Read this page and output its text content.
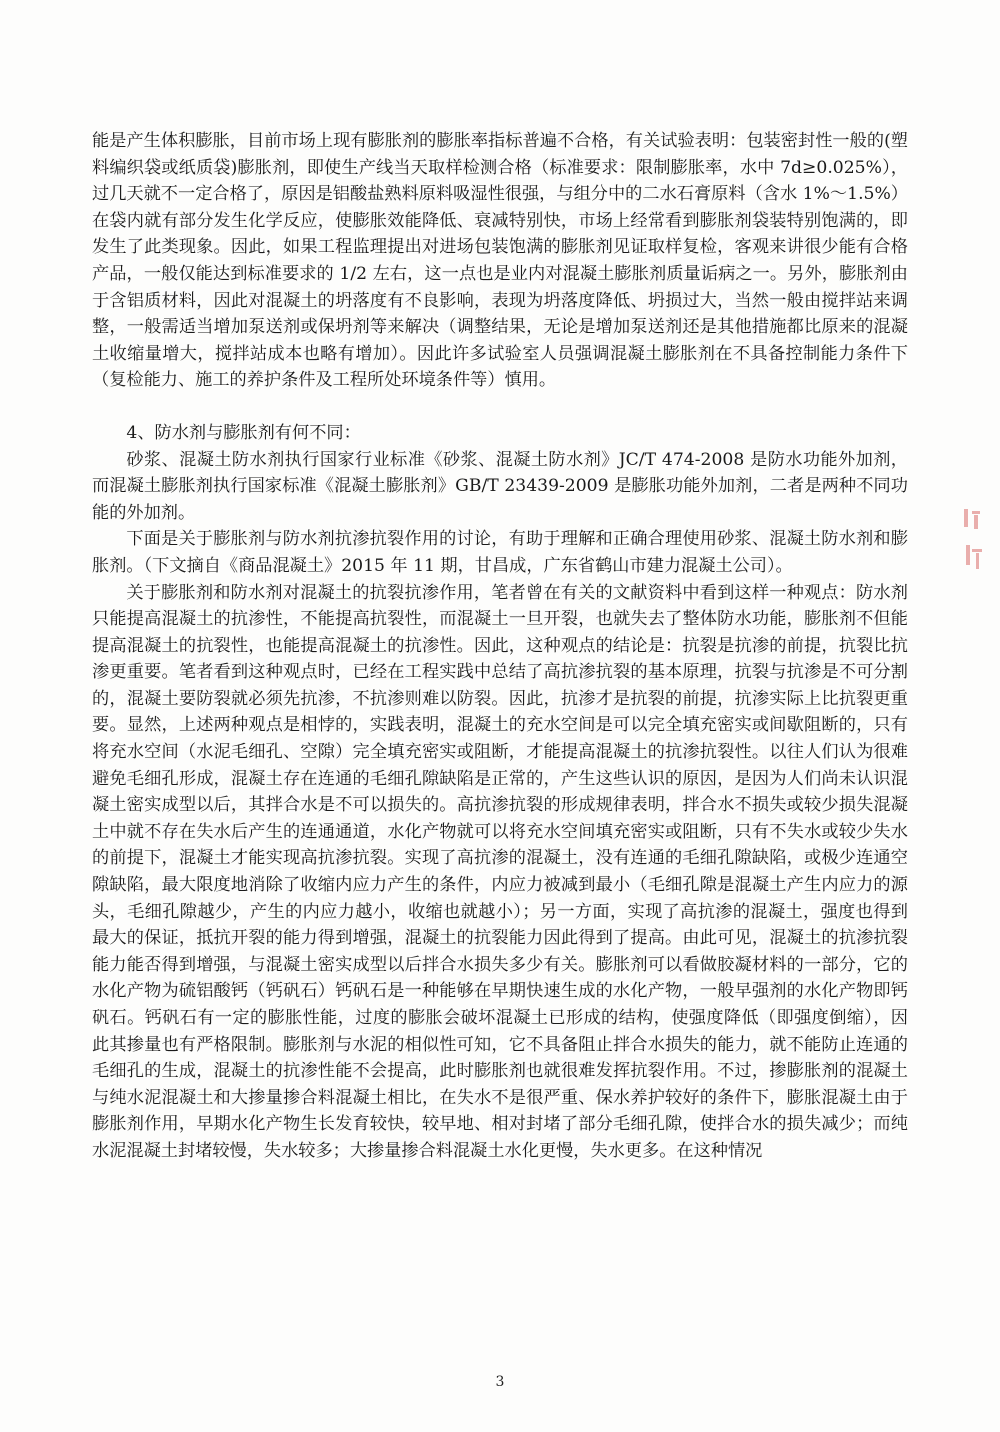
能是产生体积膨胀，目前市场上现有膨胀剂的膨胀率指标普遍不合格，有关试验表明：包装密封性一般的(塑料编织袋或纸质袋)膨胀剂，即使生产线当天取样检测合格（标准要求：限制膨胀率，水中 7d≥0.025%），过几天就不一定合格了，原因是铝酸盐熟料原料吸湿性很强，与组分中的二水石膏原料（含水 1%～1.5%）在袋内就有部分发生化学反应，使膨胀效能降低、衰减特别快，市场上经常看到膨胀剂袋装特别饱满的，即发生了此类现象。因此，如果工程监理提出对进场包装饱满的膨胀剂见证取样复检，客观来讲很少能有合格产品，一般仅能达到标准要求的 1/2 左右，这一点也是业内对混凝土膨胀剂质量诟病之一。另外，膨胀剂由于含铝质材料，因此对混凝土的坍落度有不良影响，表现为坍落度降低、坍损过大，当然一般由搅拌站来调整，一般需适当增加泵送剂或保坍剂等来解决（调整结果，无论是增加泵送剂还是其他措施都比原来的混凝土收缩量增大，搅拌站成本也略有增加）。因此许多试验室人员强调混凝土膨胀剂在不具备控制能力条件下（复检能力、施工的养护条件及工程所处环境条件等）慎用。

4、防水剂与膨胀剂有何不同：

砂浆、混凝土防水剂执行国家行业标准《砂浆、混凝土防水剂》JC/T 474-2008 是防水功能外加剂，而混凝土膨胀剂执行国家标准《混凝土膨胀剂》GB/T 23439-2009 是膨胀功能外加剂，二者是两种不同功能的外加剂。

下面是关于膨胀剂与防水剂抗渗抗裂作用的讨论，有助于理解和正确合理使用砂浆、混凝土防水剂和膨胀剂。（下文摘自《商品混凝土》2015 年 11 期，甘昌成，广东省鹤山市建力混凝土公司）。

关于膨胀剂和防水剂对混凝土的抗裂抗渗作用，笔者曾在有关的文献资料中看到这样一种观点：防水剂只能提高混凝土的抗渗性，不能提高抗裂性，而混凝土一旦开裂，也就失去了整体防水功能，膨胀剂不但能提高混凝土的抗裂性，也能提高混凝土的抗渗性。因此，这种观点的结论是：抗裂是抗渗的前提，抗裂比抗渗更重要。笔者看到这种观点时，已经在工程实践中总结了高抗渗抗裂的基本原理，抗裂与抗渗是不可分割的，混凝土要防裂就必须先抗渗，不抗渗则难以防裂。因此，抗渗才是抗裂的前提，抗渗实际上比抗裂更重要。显然，上述两种观点是相悖的，实践表明，混凝土的充水空间是可以完全填充密实或间歇阻断的，只有将充水空间（水泥毛细孔、空隙）完全填充密实或阻断，才能提高混凝土的抗渗抗裂性。以往人们认为很难避免毛细孔形成，混凝土存在连通的毛细孔隙缺陷是正常的，产生这些认识的原因，是因为人们尚未认识混凝土密实成型以后，其拌合水是不可以损失的。高抗渗抗裂的形成规律表明，拌合水不损失或较少损失混凝土中就不存在失水后产生的连通通道，水化产物就可以将充水空间填充密实或阻断，只有不失水或较少失水的前提下，混凝土才能实现高抗渗抗裂。实现了高抗渗的混凝土，没有连通的毛细孔隙缺陷，或极少连通空隙缺陷，最大限度地消除了收缩内应力产生的条件，内应力被减到最小（毛细孔隙是混凝土产生内应力的源头，毛细孔隙越少，产生的内应力越小，收缩也就越小）；另一方面，实现了高抗渗的混凝土，强度也得到最大的保证，抵抗开裂的能力得到增强，混凝土的抗裂能力因此得到了提高。由此可见，混凝土的抗渗抗裂能力能否得到增强，与混凝土密实成型以后拌合水损失多少有关。膨胀剂可以看做胶凝材料的一部分，它的水化产物为硫铝酸钙（钙矾石）钙矾石是一种能够在早期快速生成的水化产物，一般早强剂的水化产物即钙矾石。钙矾石有一定的膨胀性能，过度的膨胀会破坏混凝土已形成的结构，使强度降低（即强度倒缩），因此其掺量也有严格限制。膨胀剂与水泥的相似性可知，它不具备阻止拌合水损失的能力，就不能防止连通的毛细孔的生成，混凝土的抗渗性能不会提高，此时膨胀剂也就很难发挥抗裂作用。不过，掺膨胀剂的混凝土与纯水泥混凝土和大掺量掺合料混凝土相比，在失水不是很严重、保水养护较好的条件下，膨胀混凝土由于膨胀剂作用，早期水化产物生长发育较快，较早地、相对封堵了部分毛细孔隙，使拌合水的损失减少；而纯水泥混凝土封堵较慢，失水较多；大掺量掺合料混凝土水化更慢，失水更多。在这种情况

3
